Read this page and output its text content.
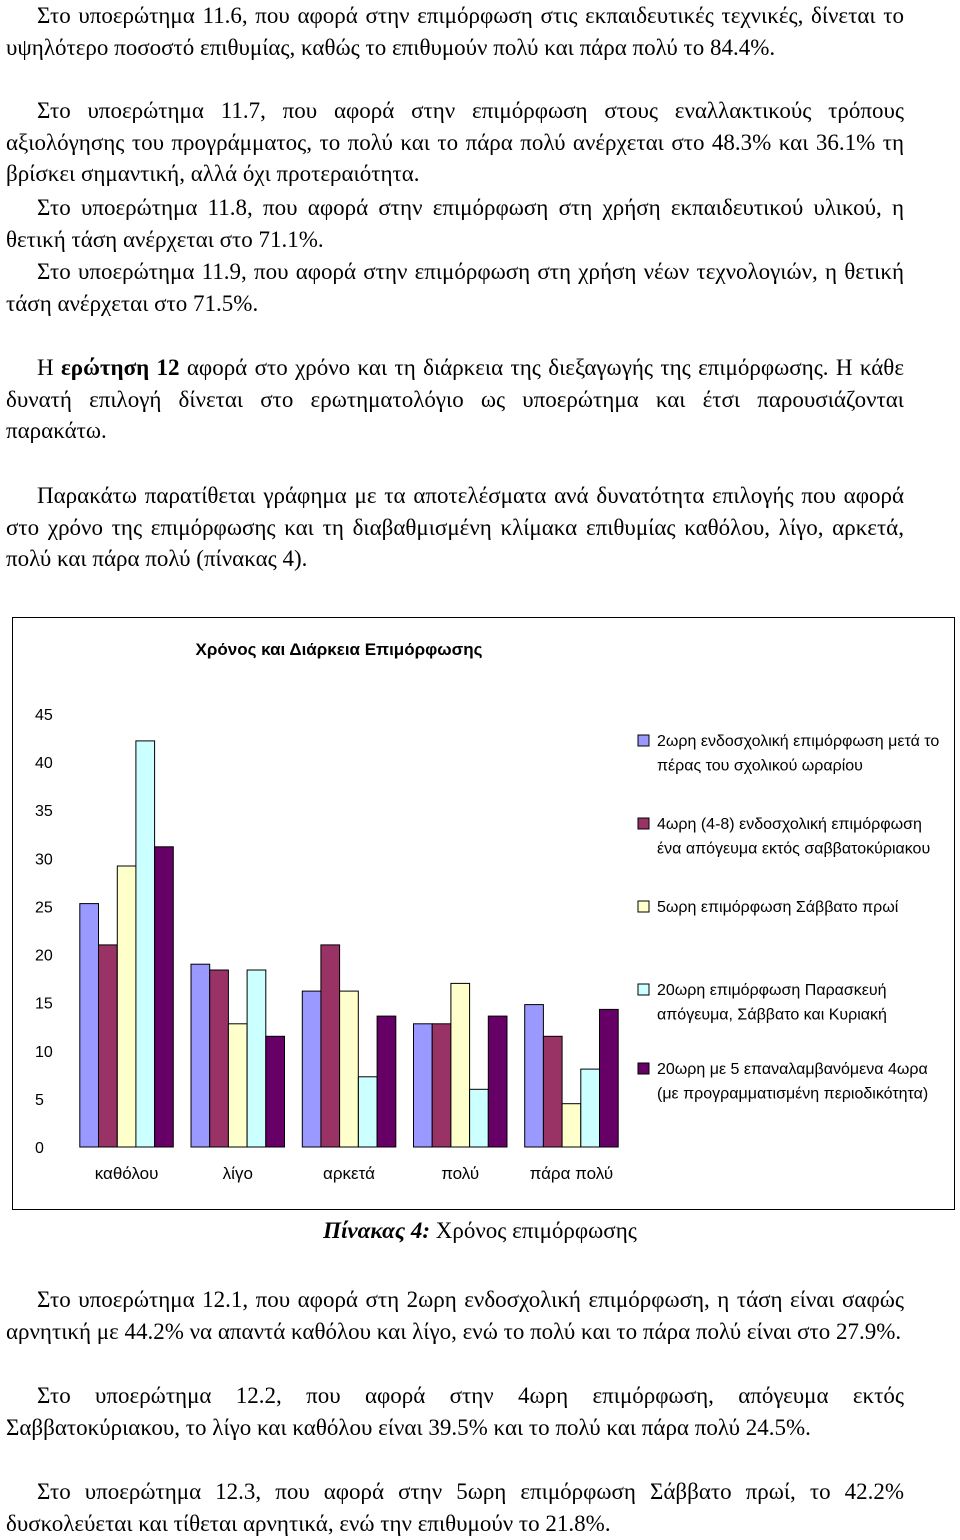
Στο υποερώτημα 11.6, που αφορά στην επιμόρφωση στις εκπαιδευτικές τεχνικές, δίνεται το υψηλότερο ποσοστό επιθυμίας, καθώς το επιθυμούν πολύ και πάρα πολύ το 84.4%.

Στο υποερώτημα 11.7, που αφορά στην επιμόρφωση στους εναλλακτικούς τρόπους αξιολόγησης του προγράμματος, το πολύ και το πάρα πολύ ανέρχεται στο 48.3% και 36.1% τη βρίσκει σημαντική, αλλά όχι προτεραιότητα.

Στο υποερώτημα 11.8, που αφορά στην επιμόρφωση στη χρήση εκπαιδευτικού υλικού, η θετική τάση ανέρχεται στο 71.1%.

Στο υποερώτημα 11.9, που αφορά στην επιμόρφωση στη χρήση νέων τεχνολογιών, η θετική τάση ανέρχεται στο 71.5%.

Η ερώτηση 12 αφορά στο χρόνο και τη διάρκεια της διεξαγωγής της επιμόρφωσης. Η κάθε δυνατή επιλογή δίνεται στο ερωτηματολόγιο ως υποερώτημα και έτσι παρουσιάζονται παρακάτω.

Παρακάτω παρατίθεται γράφημα με τα αποτελέσματα ανά δυνατότητα επιλογής που αφορά στο χρόνο της επιμόρφωσης και τη διαβαθμισμένη κλίμακα επιθυμίας καθόλου, λίγο, αρκετά, πολύ και πάρα πολύ (πίνακας 4).

Χρόνος και Διάρκεια Επιμόρφωσης
0
5
10
15
20
25
30
35
40
45
καθόλου	λίγο	αρκετά	πολύ	πάρα πολύ
2ωρη ενδοσχολική επιμόρφωση μετά το πέρας του σχολικού ωραρίου
4ωρη (4-8) ενδοσχολική επιμόρφωση ένα απόγευμα εκτός σαββατοκύριακου
5ωρη επιμόρφωση Σάββατο πρωί
20ωρη επιμόρφωση Παρασκευή απόγευμα, Σάββατο και Κυριακή
20ωρη με 5 επαναλαμβανόμενα 4ωρα (με προγραμματισμένη περιοδικότητα)
Πίνακας 4: Χρόνος επιμόρφωσης

Στο υποερώτημα 12.1, που αφορά στη 2ωρη ενδοσχολική επιμόρφωση, η τάση είναι σαφώς αρνητική με 44.2% να απαντά καθόλου και λίγο, ενώ το πολύ και το πάρα πολύ είναι στο 27.9%.

Στο υποερώτημα 12.2, που αφορά στην 4ωρη επιμόρφωση, απόγευμα εκτός Σαββατοκύριακου, το λίγο και καθόλου είναι 39.5% και το πολύ και πάρα πολύ 24.5%.

Στο υποερώτημα 12.3, που αφορά στην 5ωρη επιμόρφωση Σάββατο πρωί, το 42.2% δυσκολεύεται και τίθεται αρνητικά, ενώ την επιθυμούν το 21.8%.
